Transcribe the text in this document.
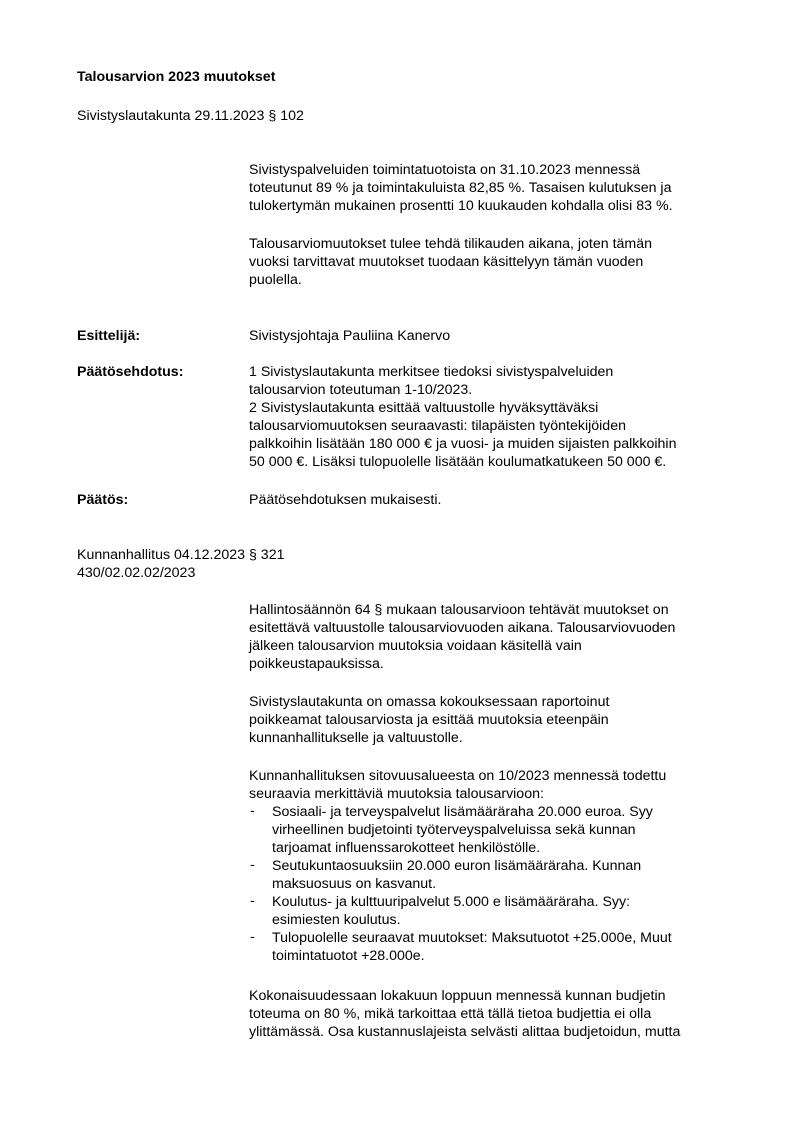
Talousarvion 2023 muutokset
Sivistyslautakunta 29.11.2023 § 102
Sivistyspalveluiden toimintatuotoista on 31.10.2023 mennessä
toteutunut 89 % ja toimintakuluista 82,85 %. Tasaisen kulutuksen ja
tulokertymän mukainen prosentti 10 kuukauden kohdalla olisi 83 %.
Talousarviomuutokset tulee tehdä tilikauden aikana, joten tämän
vuoksi tarvittavat muutokset tuodaan käsittelyyn tämän vuoden
puolella.
Esittelijä:	Sivistysjohtaja Pauliina Kanervo
Päätösehdotus:	1 Sivistyslautakunta merkitsee tiedoksi sivistyspalveluiden
talousarvion toteutuman 1-10/2023.
2 Sivistyslautakunta esittää valtuustolle hyväksyttäväksi
talousarviomuutoksen seuraavasti: tilapäisten työntekijöiden
palkkoihin lisätään 180 000 € ja vuosi- ja muiden sijaisten palkkoihin
50 000 €. Lisäksi tulopuolelle lisätään koulumatkatukeen 50 000 €.
Päätös:	Päätösehdotuksen mukaisesti.
Kunnanhallitus 04.12.2023 § 321
430/02.02.02/2023
Hallintosäännön 64 § mukaan talousarvioon tehtävät muutokset on
esitettävä valtuustolle talousarviovuoden aikana. Talousarviovuoden
jälkeen talousarvion muutoksia voidaan käsitellä vain
poikkeustapauksissa.
Sivistyslautakunta on omassa kokouksessaan raportoinut
poikkeamat talousarviosta ja esittää muutoksia eteenpäin
kunnanhallitukselle ja valtuustolle.
Kunnanhallituksen sitovuusalueesta on 10/2023 mennessä todettu
seuraavia merkittäviä muutoksia talousarvioon:
- Sosiaali- ja terveyspalvelut lisämääräraha 20.000 euroa. Syy
virheellinen budjetointi työterveyspalveluissa sekä kunnan
tarjoamat influenssarokotteet henkilöstölle.
- Seutukuntaosuuksiin 20.000 euron lisämääräraha. Kunnan
maksuosuus on kasvanut.
- Koulutus- ja kulttuuripalvelut 5.000 e lisämääräraha. Syy:
esimiesten koulutus.
- Tulopuolelle seuraavat muutokset: Maksutuotot +25.000e, Muut
toimintatuotot +28.000e.
Kokonaisuudessaan lokakuun loppuun mennessä kunnan budjetin
toteuma on 80 %, mikä tarkoittaa että tällä tietoa budjettia ei olla
ylittämässä. Osa kustannuslajeista selvästi alittaa budjetoidun, mutta
